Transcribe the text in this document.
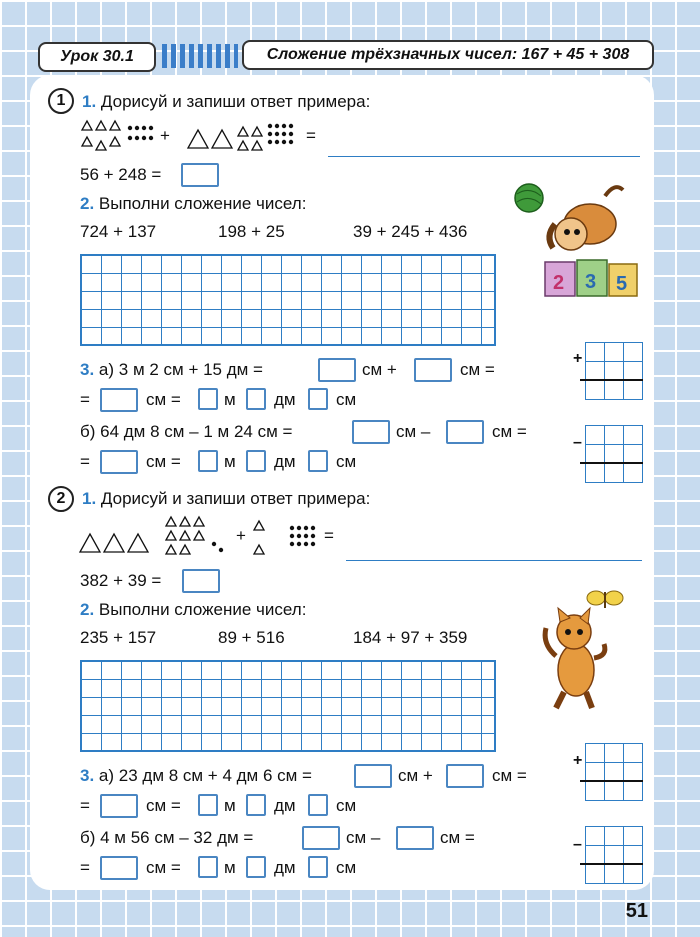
Урок 30.1	Сложение трёхзначных чисел: 167 + 45 + 308
1 1. Дорисуй и запиши ответ примера:
+	=
56 + 248 =
2. Выполни сложение чисел:
724 + 137	198 + 25	39 + 245 + 436
2 3 5
3. а) 3 м 2 см + 15 дм =	см +	см =
=	см =	м дм см
б) 64 дм 8 см – 1 м 24 см =	см –	см =
=	см =	м дм см
+
–
2 1. Дорисуй и запиши ответ примера:
+	=
382 + 39 =
2. Выполни сложение чисел:
235 + 157	89 + 516	184 + 97 + 359
3. а) 23 дм 8 см + 4 дм 6 см =	см +	см =
=	см =	м дм см
б) 4 м 56 см – 32 дм =	см –	см =
=	см =	м дм см
+
–
51
